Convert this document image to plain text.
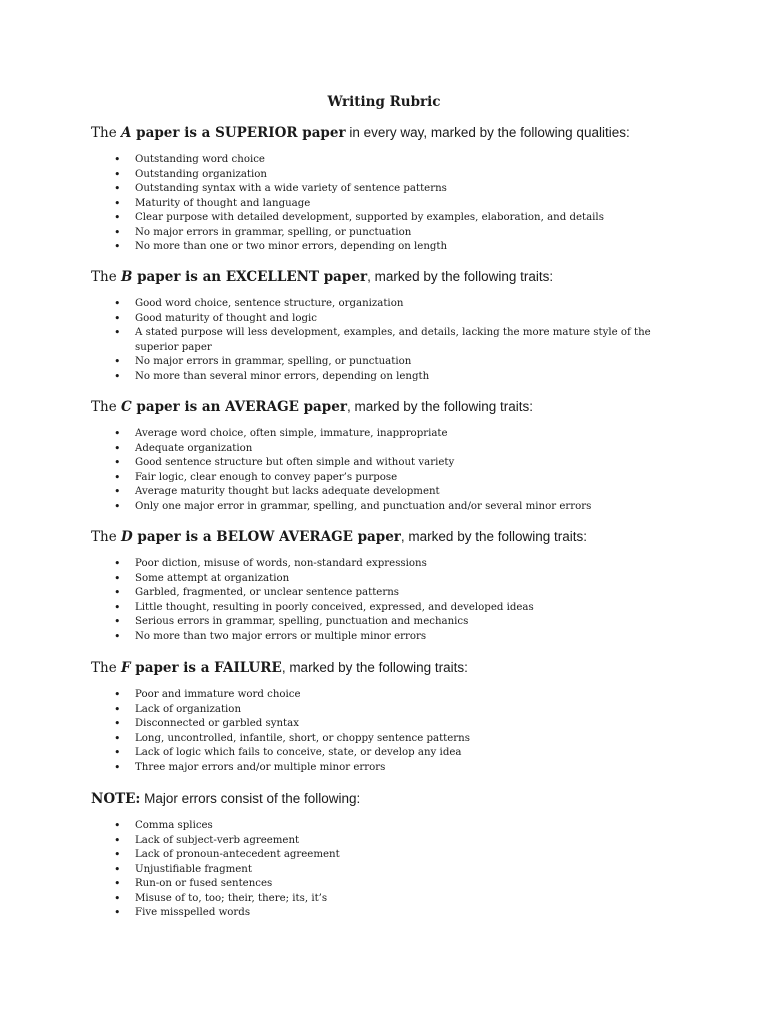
Writing Rubric

The A paper is a SUPERIOR paper in every way, marked by the following qualities:

• Outstanding word choice
• Outstanding organization
• Outstanding syntax with a wide variety of sentence patterns
• Maturity of thought and language
• Clear purpose with detailed development, supported by examples, elaboration, and details
• No major errors in grammar, spelling, or punctuation
• No more than one or two minor errors, depending on length

The B paper is an EXCELLENT paper, marked by the following traits:

• Good word choice, sentence structure, organization
• Good maturity of thought and logic
• A stated purpose will less development, examples, and details, lacking the more mature style of the superior paper
• No major errors in grammar, spelling, or punctuation
• No more than several minor errors, depending on length

The C paper is an AVERAGE paper, marked by the following traits:

• Average word choice, often simple, immature, inappropriate
• Adequate organization
• Good sentence structure but often simple and without variety
• Fair logic, clear enough to convey paper’s purpose
• Average maturity thought but lacks adequate development
• Only one major error in grammar, spelling, and punctuation and/or several minor errors

The D paper is a BELOW AVERAGE paper, marked by the following traits:

• Poor diction, misuse of words, non-standard expressions
• Some attempt at organization
• Garbled, fragmented, or unclear sentence patterns
• Little thought, resulting in poorly conceived, expressed, and developed ideas
• Serious errors in grammar, spelling, punctuation and mechanics
• No more than two major errors or multiple minor errors

The F paper is a FAILURE, marked by the following traits:

• Poor and immature word choice
• Lack of organization
• Disconnected or garbled syntax
• Long, uncontrolled, infantile, short, or choppy sentence patterns
• Lack of logic which fails to conceive, state, or develop any idea
• Three major errors and/or multiple minor errors

NOTE: Major errors consist of the following:

• Comma splices
• Lack of subject-verb agreement
• Lack of pronoun-antecedent agreement
• Unjustifiable fragment
• Run-on or fused sentences
• Misuse of to, too; their, there; its, it’s
• Five misspelled words
